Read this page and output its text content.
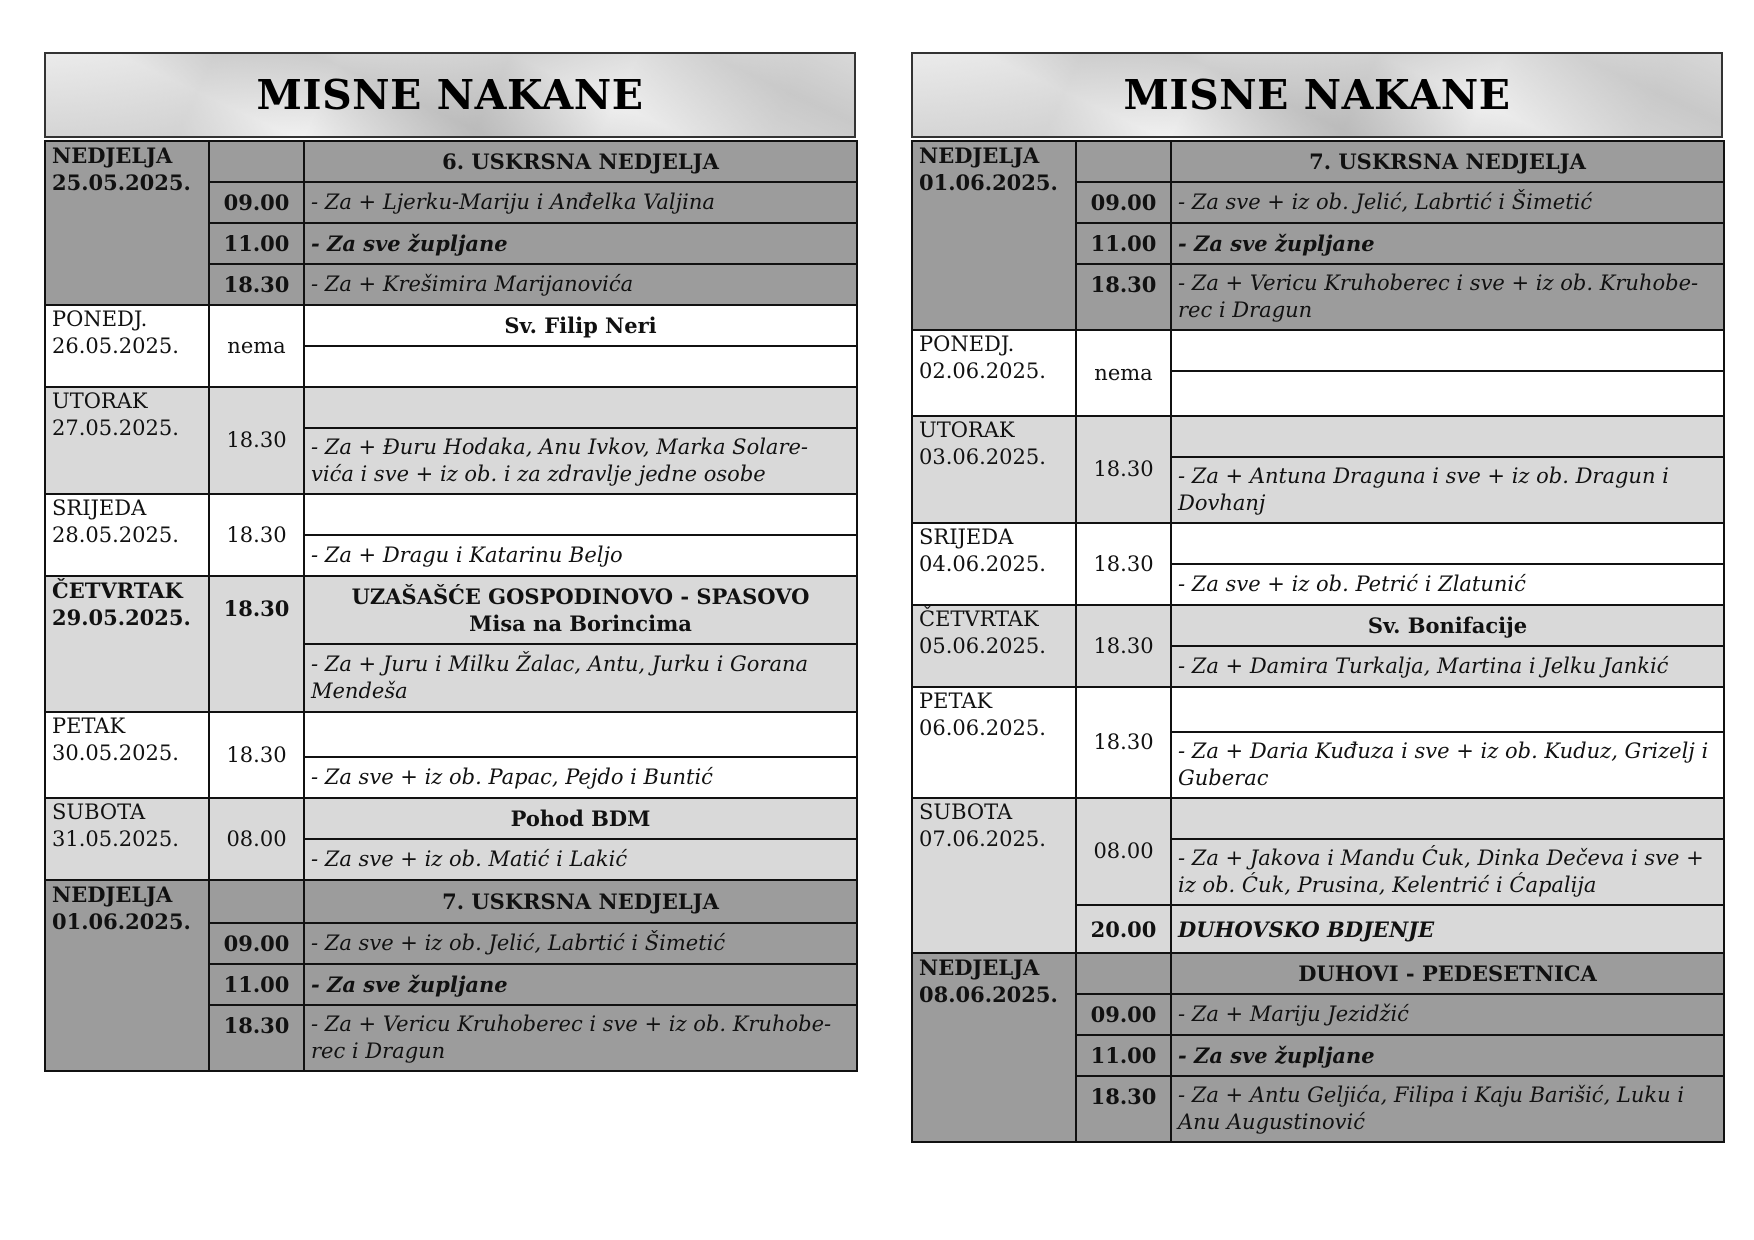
MISNE NAKANE
NEDJELJA
25.05.2025.		6. USKRSNA NEDJELJA
	09.00	- Za + Ljerku-Mariju i Anđelka Valjina
	11.00	- Za sve župljane
	18.30	- Za + Krešimira Marijanovića
PONEDJ.
26.05.2025.	nema	Sv. Filip Neri

UTORAK
27.05.2025.	18.30	
		- Za + Đuru Hodaka, Anu Ivkov, Marka Solare-vića i sve + iz ob. i za zdravlje jedne osobe
SRIJEDA
28.05.2025.	18.30	
		- Za + Dragu i Katarinu Beljo
ČETVRTAK
29.05.2025.	18.30	UZAŠAŠĆE GOSPODINOVO - SPASOVO
Misa na Borincima
		- Za + Juru i Milku Žalac, Antu, Jurku i Gorana Mendeša
PETAK
30.05.2025.	18.30	
		- Za sve + iz ob. Papac, Pejdo i Buntić
SUBOTA
31.05.2025.	08.00	Pohod BDM
		- Za sve + iz ob. Matić i Lakić
NEDJELJA
01.06.2025.		7. USKRSNA NEDJELJA
	09.00	- Za sve + iz ob. Jelić, Labrtić i Šimetić
	11.00	- Za sve župljane
	18.30	- Za + Vericu Kruhoberec i sve + iz ob. Kruhobe-rec i Dragun
MISNE NAKANE
NEDJELJA
01.06.2025.		7. USKRSNA NEDJELJA
	09.00	- Za sve + iz ob. Jelić, Labrtić i Šimetić
	11.00	- Za sve župljane
	18.30	- Za + Vericu Kruhoberec i sve + iz ob. Kruhobe-rec i Dragun
PONEDJ.
02.06.2025.	nema	

UTORAK
03.06.2025.	18.30	
		- Za + Antuna Draguna i sve + iz ob. Dragun i Dovhanj
SRIJEDA
04.06.2025.	18.30	
		- Za sve + iz ob. Petrić i Zlatunić
ČETVRTAK
05.06.2025.	18.30	Sv. Bonifacije
		- Za + Damira Turkalja, Martina i Jelku Jankić
PETAK
06.06.2025.	18.30	
		- Za + Daria Kuđuza i sve + iz ob. Kuduz, Grizelj i Guberac
SUBOTA
07.06.2025.	08.00	
		- Za + Jakova i Mandu Ćuk, Dinka Dečeva i sve + iz ob. Ćuk, Prusina, Kelentrić i Ćapalija
	20.00	DUHOVSKO BDJENJE
NEDJELJA
08.06.2025.		DUHOVI - PEDESETNICA
	09.00	- Za + Mariju Jezidžić
	11.00	- Za sve župljane
	18.30	- Za + Antu Geljića, Filipa i Kaju Barišić, Luku i Anu Augustinović
